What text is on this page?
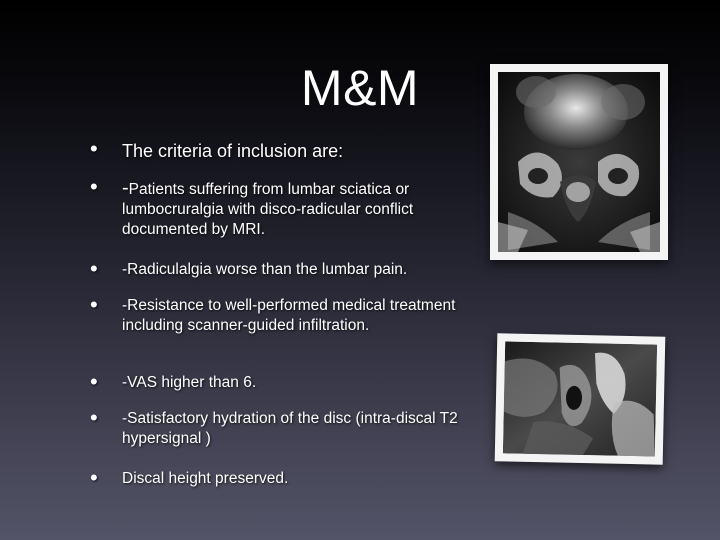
M&M
• The criteria of inclusion are:
• -Patients suffering from lumbar sciatica or lumbocruralgia with disco-radicular conflict documented by MRI.
• -Radiculalgia worse than the lumbar pain.
• -Resistance to well-performed medical treatment including scanner-guided infiltration.
• -VAS higher than 6.
• -Satisfactory hydration of the disc (intra-discal T2 hypersignal )
• Discal height preserved.
